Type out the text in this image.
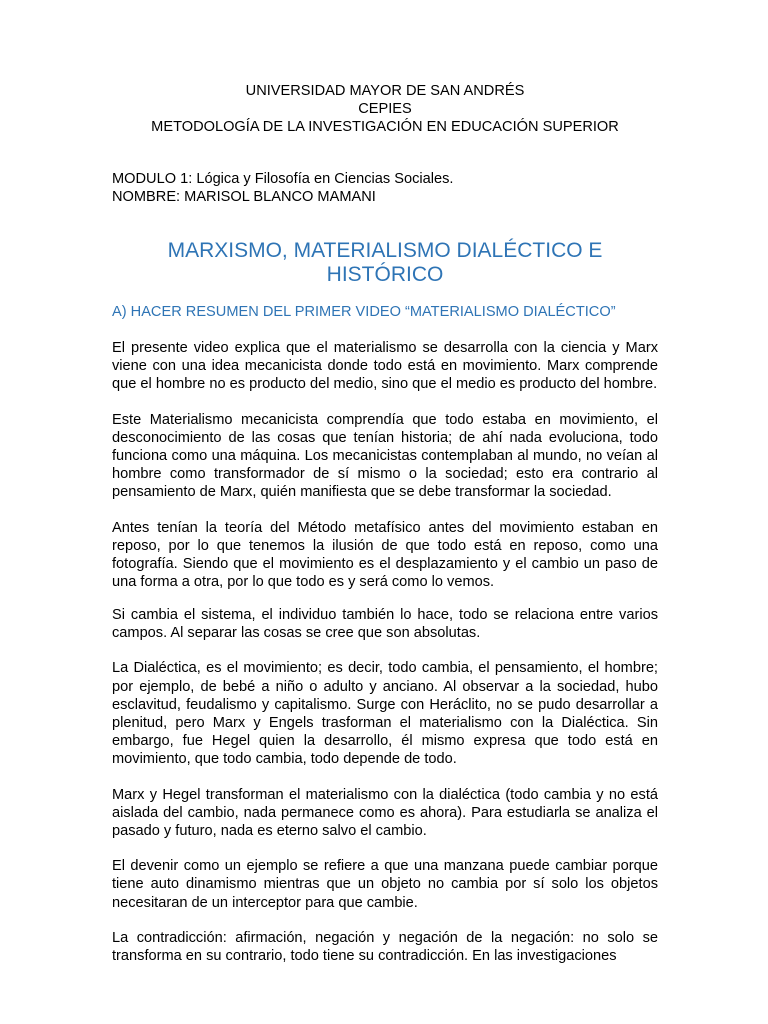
UNIVERSIDAD MAYOR DE SAN ANDRÉS
CEPIES
METODOLOGÍA DE LA INVESTIGACIÓN EN EDUCACIÓN SUPERIOR
MODULO 1: Lógica y Filosofía en Ciencias Sociales.
NOMBRE: MARISOL BLANCO MAMANI
MARXISMO, MATERIALISMO DIALÉCTICO E HISTÓRICO
A) HACER RESUMEN DEL PRIMER VIDEO “MATERIALISMO DIALÉCTICO”

El presente video explica que el materialismo se desarrolla con la ciencia y Marx viene con una idea mecanicista donde todo está en movimiento. Marx comprende que el hombre no es producto del medio, sino que el medio es producto del hombre.

Este Materialismo mecanicista comprendía que todo estaba en movimiento, el desconocimiento de las cosas que tenían historia; de ahí nada evoluciona, todo funciona como una máquina. Los mecanicistas contemplaban al mundo, no veían al hombre como transformador de sí mismo o la sociedad; esto era contrario al pensamiento de Marx, quién manifiesta que se debe transformar la sociedad.

Antes tenían la teoría del Método metafísico antes del movimiento estaban en reposo, por lo que tenemos la ilusión de que todo está en reposo, como una fotografía. Siendo que el movimiento es el desplazamiento y el cambio un paso de una forma a otra, por lo que todo es y será como lo vemos.

Si cambia el sistema, el individuo también lo hace, todo se relaciona entre varios campos. Al separar las cosas se cree que son absolutas.

La Dialéctica, es el movimiento; es decir, todo cambia, el pensamiento, el hombre; por ejemplo, de bebé a niño o adulto y anciano. Al observar a la sociedad, hubo esclavitud, feudalismo y capitalismo. Surge con Heráclito, no se pudo desarrollar a plenitud, pero Marx y Engels trasforman el materialismo con la Dialéctica. Sin embargo, fue Hegel quien la desarrollo, él mismo expresa que todo está en movimiento, que todo cambia, todo depende de todo.

Marx y Hegel transforman el materialismo con la dialéctica (todo cambia y no está aislada del cambio, nada permanece como es ahora). Para estudiarla se analiza el pasado y futuro, nada es eterno salvo el cambio.

El devenir como un ejemplo se refiere a que una manzana puede cambiar porque tiene auto dinamismo mientras que un objeto no cambia por sí solo los objetos necesitaran de un interceptor para que cambie.

La contradicción: afirmación, negación y negación de la negación: no solo se transforma en su contrario, todo tiene su contradicción. En las investigaciones
